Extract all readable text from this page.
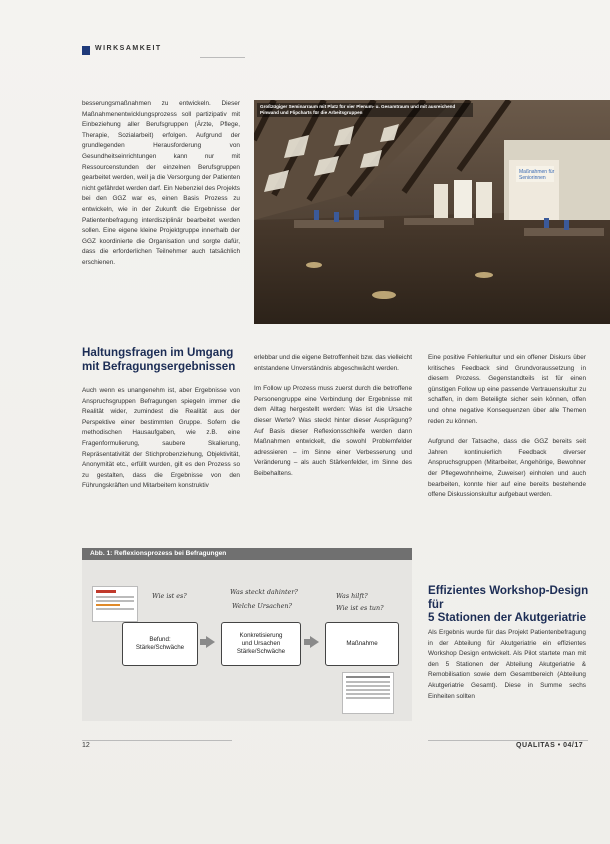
WIRKSAMKEIT

besserungsmaßnahmen zu entwickeln. Dieser Maßnahmenentwicklungsprozess soll partizipativ mit Einbeziehung aller Berufsgruppen (Ärzte, Pflege, Therapie, Sozialarbeit) erfolgen. Aufgrund der grundlegenden Herausforderung von Gesundheitseinrichtungen kann nur mit Ressourcenstunden der einzelnen Berufsgruppen gearbeitet werden, weil ja die Versorgung der Patienten nicht gefährdet werden darf. Ein Nebenziel des Projekts bei den GGZ war es, einen Basis Prozess zu entwickeln, wie in der Zukunft die Ergebnisse der Patientenbefragung interdisziplinär bearbeitet werden sollen. Eine eigene kleine Projektgruppe innerhalb der GGZ koordinierte die Organisation und sorgte dafür, dass die erforderlichen Teilnehmer auch tatsächlich erschienen.

Maßnahmen für
Seniorinnen
Großzügiger Seminarraum mit Platz für vier Plenum- u. Gesamtraum und mit ausreichend Pinwand und Flipcharts für die Arbeitsgruppen
Haltungsfragen im Umgang
mit Befragungsergebnissen

Auch wenn es unangenehm ist, aber Ergebnisse von Anspruchsgruppen Befragungen spiegeln immer die Realität wider, zumindest die Realität aus der Perspektive einer bestimmten Gruppe. Sofern die methodischen Hausaufgaben, wie z.B. eine Fragenformulierung, saubere Skalierung, Repräsentativität der Stichprobenziehung, Objektivität, Anonymität etc., erfüllt wurden, gilt es den Prozess so zu gestalten, dass die Ergebnisse von den Führungskräften und Mitarbeitern konstruktiv

erlebbar und die eigene Betroffenheit bzw. das vielleicht entstandene Unverständnis abgeschwächt werden.

Im Follow up Prozess muss zuerst durch die betroffene Personengruppe eine Verbindung der Ergebnisse mit dem Alltag hergestellt werden: Was ist die Ursache dieser Werte? Was steckt hinter dieser Ausprägung? Auf Basis dieser Reflexionsschleife werden dann Maßnahmen entwickelt, die sowohl Problemfelder adressieren – im Sinne einer Verbesserung und Veränderung – als auch Stärkenfelder, im Sinne des Beibehaltens.

Eine positive Fehlerkultur und ein offener Diskurs über kritisches Feedback sind Grundvoraussetzung in diesem Prozess. Gegenstandteils ist für einen günstigen Follow up eine passende Vertrauenskultur zu schaffen, in dem Beteiligte sicher sein können, offen und ohne negative Konsequenzen über alle Themen reden zu können.

Aufgrund der Tatsache, dass die GGZ bereits seit Jahren kontinuierlich Feedback diverser Anspruchsgruppen (Mitarbeiter, Angehörige, Bewohner der Pflegewohnheime, Zuweiser) einholen und auch bearbeiten, konnte hier auf eine bereits bestehende offene Diskussionskultur aufgebaut werden.

Abb. 1: Reflexionsprozess bei Befragungen
Wie ist es?	Was steckt dahinter?
Welche Ursachen?
Was hilft?
Wie ist es tun?
Befund:
Stärke/Schwäche
Konkretisierung
und Ursachen
Stärke/Schwäche
Maßnahme
Effizientes Workshop-Design für
5 Stationen der Akutgeriatrie

Als Ergebnis wurde für das Projekt Patientenbefragung in der Abteilung für Akutgeriatrie ein effizientes Workshop Design entwickelt. Als Pilot startete man mit den 5 Stationen der Abteilung Akutgeriatrie & Remobilisation sowie dem Gesamtbereich (Abteilung Akutgeriatrie Gesamt). Diese in Summe sechs Einheiten sollten

12	QUALITAS • 04/17
